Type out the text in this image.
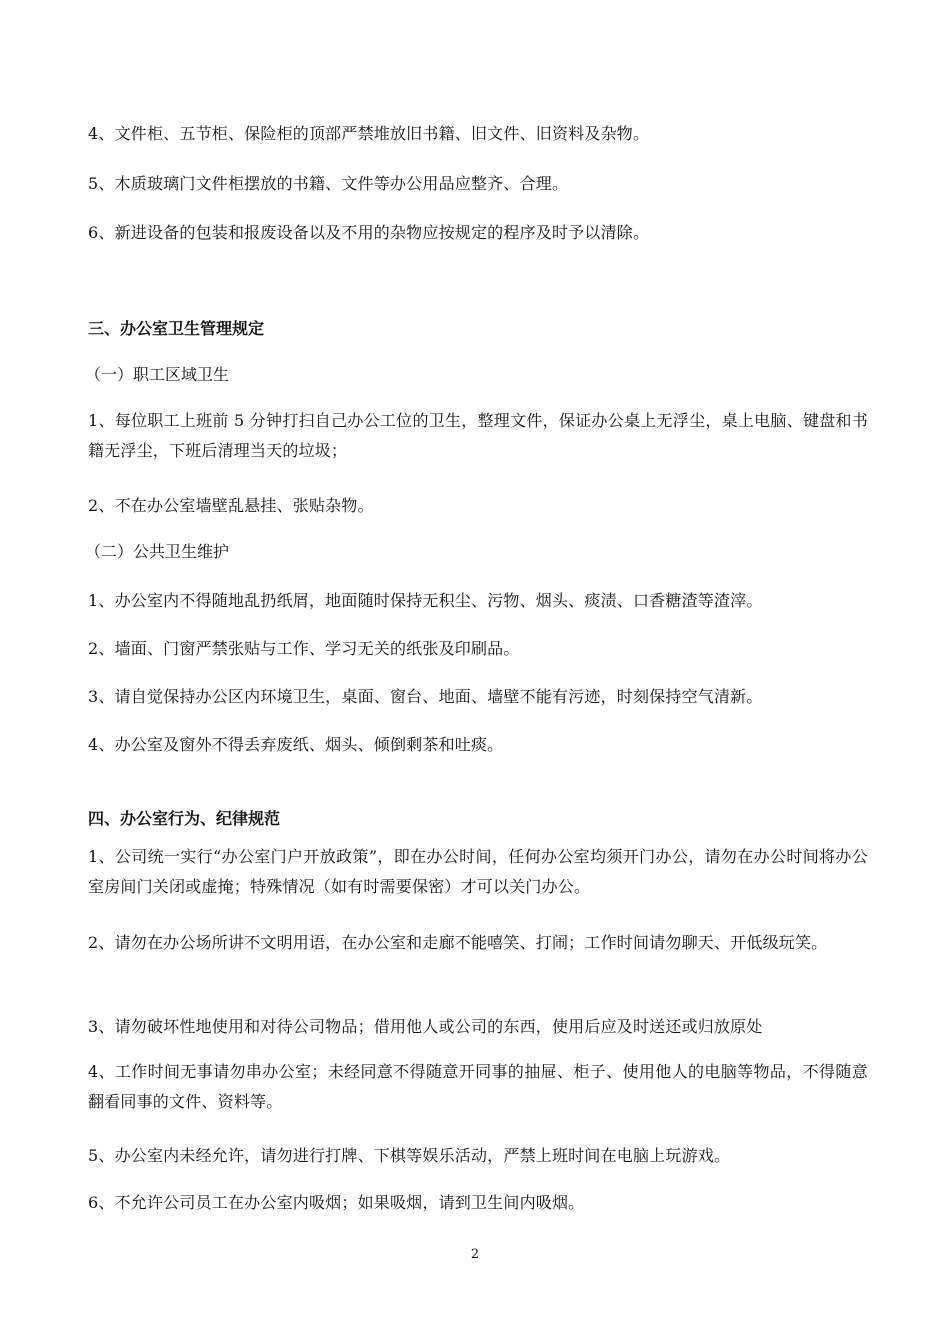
4、文件柜、五节柜、保险柜的顶部严禁堆放旧书籍、旧文件、旧资料及杂物。

5、木质玻璃门文件柜摆放的书籍、文件等办公用品应整齐、合理。

6、新进设备的包装和报废设备以及不用的杂物应按规定的程序及时予以清除。

三、办公室卫生管理规定
（一）职工区域卫生

1、每位职工上班前 5 分钟打扫自己办公工位的卫生，整理文件，保证办公桌上无浮尘，桌上电脑、键盘和书籍无浮尘，下班后清理当天的垃圾；

2、不在办公室墙壁乱悬挂、张贴杂物。

（二）公共卫生维护

1、办公室内不得随地乱扔纸屑，地面随时保持无积尘、污物、烟头、痰渍、口香糖渣等渣滓。

2、墙面、门窗严禁张贴与工作、学习无关的纸张及印刷品。

3、请自觉保持办公区内环境卫生，桌面、窗台、地面、墙壁不能有污迹，时刻保持空气清新。

4、办公室及窗外不得丢弃废纸、烟头、倾倒剩茶和吐痰。

四、办公室行为、纪律规范

1、公司统一实行“办公室门户开放政策”，即在办公时间，任何办公室均须开门办公，请勿在办公时间将办公室房间门关闭或虚掩；特殊情况（如有时需要保密）才可以关门办公。

2、请勿在办公场所讲不文明用语，在办公室和走廊不能嘻笑、打闹；工作时间请勿聊天、开低级玩笑。

3、请勿破坏性地使用和对待公司物品；借用他人或公司的东西，使用后应及时送还或归放原处

4、工作时间无事请勿串办公室；未经同意不得随意开同事的抽屉、柜子、使用他人的电脑等物品，不得随意翻看同事的文件、资料等。

5、办公室内未经允许，请勿进行打牌、下棋等娱乐活动，严禁上班时间在电脑上玩游戏。

6、不允许公司员工在办公室内吸烟；如果吸烟，请到卫生间内吸烟。

2
